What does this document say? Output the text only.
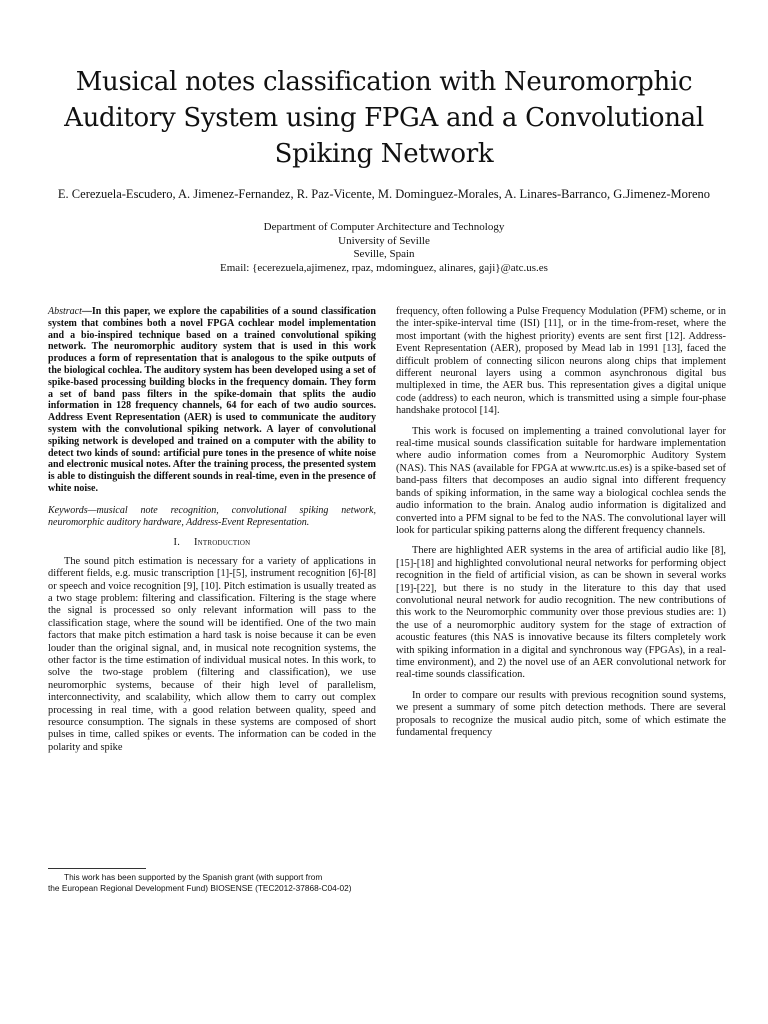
Musical notes classification with Neuromorphic Auditory System using FPGA and a Convolutional Spiking Network

E. Cerezuela-Escudero, A. Jimenez-Fernandez, R. Paz-Vicente, M. Dominguez-Morales, A. Linares-Barranco, G.Jimenez-Moreno

Department of Computer Architecture and Technology
University of Seville
Seville, Spain
Email: {ecerezuela,ajimenez, rpaz, mdominguez, alinares, gaji}@atc.us.es

Abstract—In this paper, we explore the capabilities of a sound classification system that combines both a novel FPGA cochlear model implementation and a bio-inspired technique based on a trained convolutional spiking network. The neuromorphic auditory system that is used in this work produces a form of representation that is analogous to the spike outputs of the biological cochlea. The auditory system has been developed using a set of spike-based processing building blocks in the frequency domain. They form a set of band pass filters in the spike-domain that splits the audio information in 128 frequency channels, 64 for each of two audio sources. Address Event Representation (AER) is used to communicate the auditory system with the convolutional spiking network. A layer of convolutional spiking network is developed and trained on a computer with the ability to detect two kinds of sound: artificial pure tones in the presence of white noise and electronic musical notes. After the training process, the presented system is able to distinguish the different sounds in real-time, even in the presence of white noise.

Keywords—musical note recognition, convolutional spiking network, neuromorphic auditory hardware, Address-Event Representation.

I. Introduction

The sound pitch estimation is necessary for a variety of applications in different fields, e.g. music transcription [1]-[5], instrument recognition [6]-[8] or speech and voice recognition [9], [10]. Pitch estimation is usually treated as a two stage problem: filtering and classification. Filtering is the stage where the signal is processed so only relevant information will pass to the classification stage, where the sound will be identified. One of the two main factors that make pitch estimation a hard task is noise because it can be even louder than the original signal, and, in musical note recognition systems, the other factor is the time estimation of individual musical notes. In this work, to solve the two-stage problem (filtering and classification), we use neuromorphic systems, because of their high level of parallelism, interconnectivity, and scalability, which allow them to carry out complex processing in real time, with a good relation between quality, speed and resource consumption. The signals in these systems are composed of short pulses in time, called spikes or events. The information can be coded in the polarity and spike

frequency, often following a Pulse Frequency Modulation (PFM) scheme, or in the inter-spike-interval time (ISI) [11], or in the time-from-reset, where the most important (with the highest priority) events are sent first [12]. Address-Event Representation (AER), proposed by Mead lab in 1991 [13], faced the difficult problem of connecting silicon neurons along chips that implement different neuronal layers using a common asynchronous digital bus multiplexed in time, the AER bus. This representation gives a digital unique code (address) to each neuron, which is transmitted using a simple four-phase handshake protocol [14].

This work is focused on implementing a trained convolutional layer for real-time musical sounds classification suitable for hardware implementation where audio information comes from a Neuromorphic Auditory System (NAS). This NAS (available for FPGA at www.rtc.us.es) is a spike-based set of band-pass filters that decomposes an audio signal into different frequency bands of spiking information, in the same way a biological cochlea sends the audio information to the brain. Analog audio information is digitalized and converted into a PFM signal to be fed to the NAS. The convolutional layer will look for particular spiking patterns along the different frequency channels.

There are highlighted AER systems in the area of artificial audio like [8], [15]-[18] and highlighted convolutional neural networks for performing object recognition in the field of artificial vision, as can be shown in several works [19]-[22], but there is no study in the literature to this day that used convolutional neural network for audio recognition. The new contributions of this work to the Neuromorphic community over those previous studies are: 1) the use of a neuromorphic auditory system for the stage of extraction of acoustic features (this NAS is innovative because its filters completely work with spiking information in a digital and synchronous way (FPGAs), in a real-time environment), and 2) the novel use of an AER convolutional network for real-time sounds classification.

In order to compare our results with previous recognition sound systems, we present a summary of some pitch detection methods. There are several proposals to recognize the musical audio pitch, some of which estimate the fundamental frequency

This work has been supported by the Spanish grant (with support from
the European Regional Development Fund) BIOSENSE (TEC2012-37868-C04-02)
